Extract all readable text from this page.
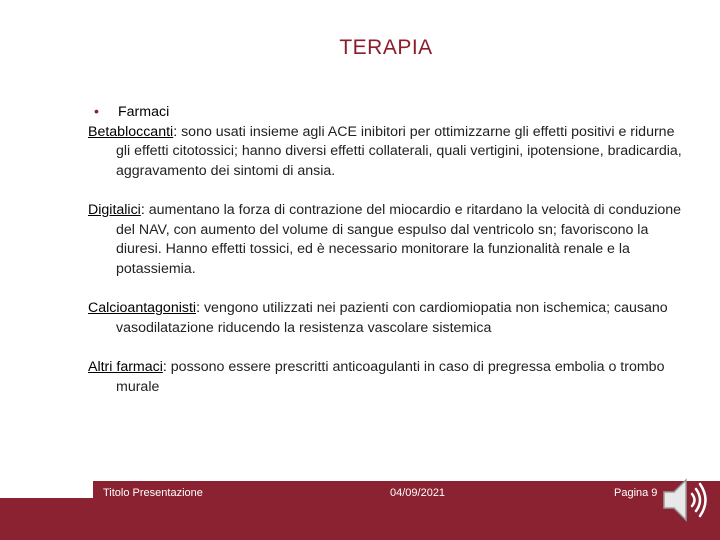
TERAPIA

• Farmaci

Betabloccanti: sono usati insieme agli ACE inibitori per ottimizzarne gli effetti positivi e ridurne gli effetti citotossici; hanno diversi effetti collaterali, quali vertigini, ipotensione, bradicardia, aggravamento dei sintomi di ansia.

Digitalici: aumentano la forza di contrazione del miocardio e ritardano la velocità di conduzione del NAV, con aumento del volume di sangue espulso dal ventricolo sn; favoriscono la diuresi. Hanno effetti tossici, ed è necessario monitorare la funzionalità renale e la potassiemia.

Calcioantagonisti: vengono utilizzati nei pazienti con cardiomiopatia non ischemica; causano vasodilatazione riducendo la resistenza vascolare sistemica

Altri farmaci: possono essere prescritti anticoagulanti in caso di pregressa embolia o trombo murale

Titolo Presentazione	04/09/2021	Pagina 9
